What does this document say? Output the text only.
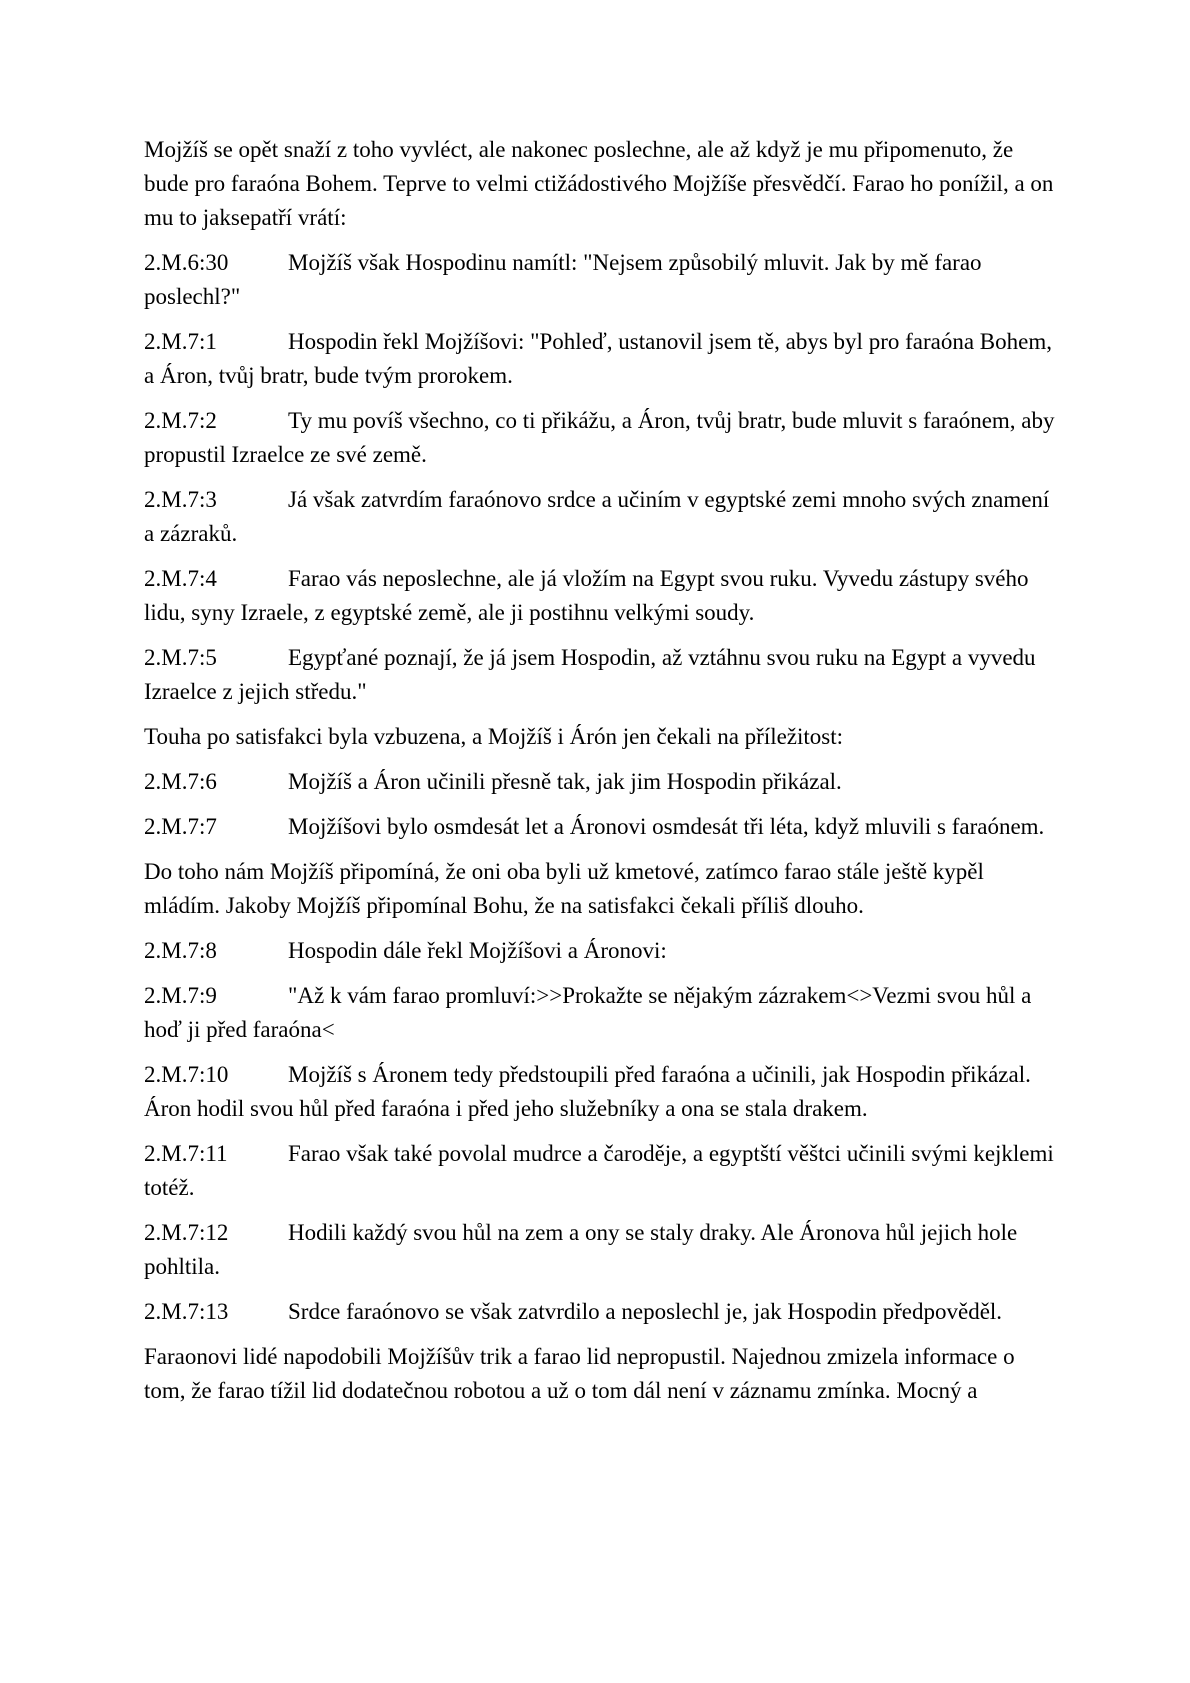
Mojžíš se opět snaží z toho vyvléct, ale nakonec poslechne, ale až když je mu připomenuto, že bude pro faraóna Bohem. Teprve to velmi ctižádostivého Mojžíše přesvědčí. Farao ho ponížil, a on mu to jaksepatří vrátí:

2.M.6:30	Mojžíš však Hospodinu namítl: "Nejsem způsobilý mluvit. Jak by mě farao poslechl?"

2.M.7:1	Hospodin řekl Mojžíšovi: "Pohleď, ustanovil jsem tě, abys byl pro faraóna Bohem, a Áron, tvůj bratr, bude tvým prorokem.

2.M.7:2	Ty mu povíš všechno, co ti přikážu, a Áron, tvůj bratr, bude mluvit s faraónem, aby propustil Izraelce ze své země.

2.M.7:3	Já však zatvrdím faraónovo srdce a učiním v egyptské zemi mnoho svých znamení a zázraků.

2.M.7:4	Farao vás neposlechne, ale já vložím na Egypt svou ruku. Vyvedu zástupy svého lidu, syny Izraele, z egyptské země, ale ji postihnu velkými soudy.

2.M.7:5	Egypťané poznají, že já jsem Hospodin, až vztáhnu svou ruku na Egypt a vyvedu Izraelce z jejich středu."

Touha po satisfakci byla vzbuzena, a Mojžíš i Árón jen čekali na příležitost:

2.M.7:6	Mojžíš a Áron učinili přesně tak, jak jim Hospodin přikázal.

2.M.7:7	Mojžíšovi bylo osmdesát let a Áronovi osmdesát tři léta, když mluvili s faraónem.

Do toho nám Mojžíš připomíná, že oni oba byli už kmetové, zatímco farao stále ještě kypěl mládím. Jakoby Mojžíš připomínal Bohu, že na satisfakci čekali příliš dlouho.

2.M.7:8	Hospodin dále řekl Mojžíšovi a Áronovi:

2.M.7:9	"Až k vám farao promluví:>>Prokažte se nějakým zázrakem<>Vezmi svou hůl a hoď ji před faraóna<

2.M.7:10	Mojžíš s Áronem tedy předstoupili před faraóna a učinili, jak Hospodin přikázal. Áron hodil svou hůl před faraóna i před jeho služebníky a ona se stala drakem.

2.M.7:11	Farao však také povolal mudrce a čaroděje, a egyptští věštci učinili svými kejklemi totéž.

2.M.7:12	Hodili každý svou hůl na zem a ony se staly draky. Ale Áronova hůl jejich hole pohltila.

2.M.7:13	Srdce faraónovo se však zatvrdilo a neposlechl je, jak Hospodin předpověděl.

Faraonovi lidé napodobili Mojžíšův trik a farao lid nepropustil. Najednou zmizela informace o tom, že farao tížil lid dodatečnou robotou a už o tom dál není v záznamu zmínka. Mocný a
